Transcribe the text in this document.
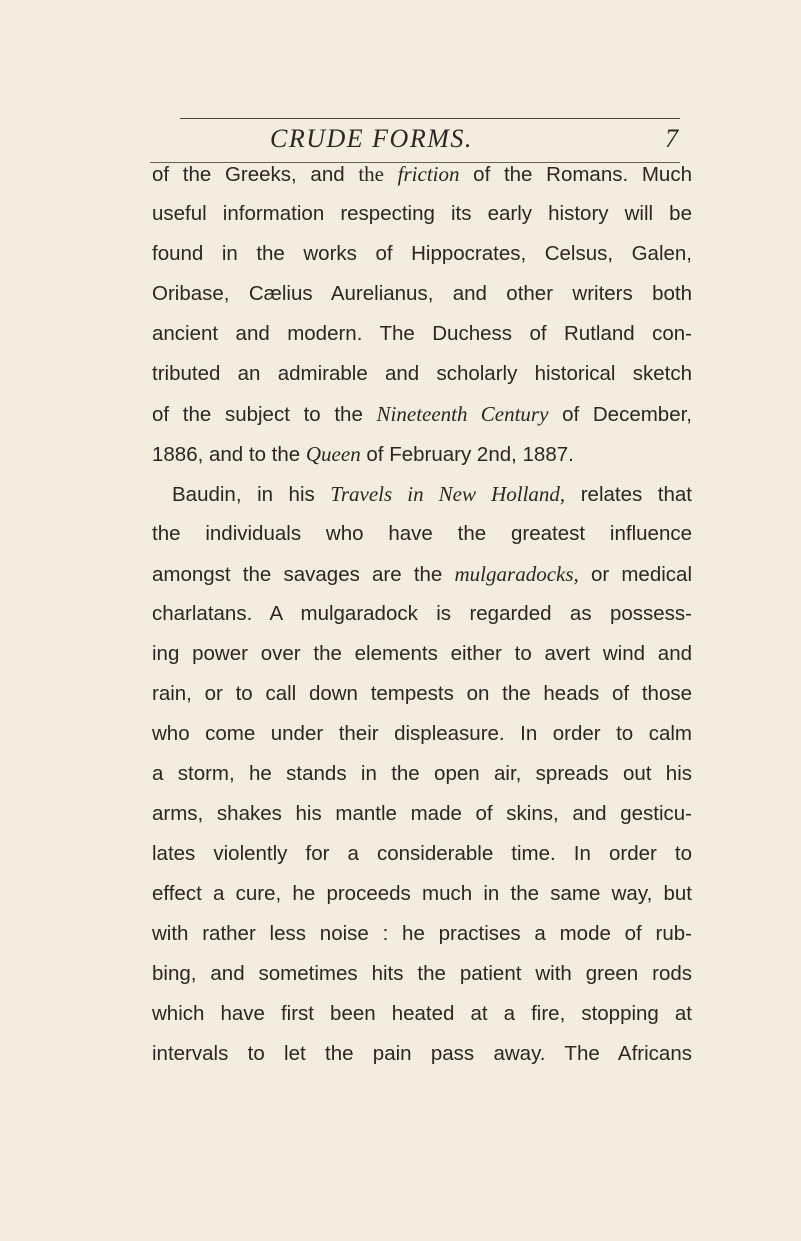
CRUDE FORMS.	7
of the Greeks, and the friction of the Romans. Much
useful information respecting its early history will be
found in the works of Hippocrates, Celsus, Galen,
Oribase, Cælius Aurelianus, and other writers both
ancient and modern. The Duchess of Rutland con-
tributed an admirable and scholarly historical sketch
of the subject to the Nineteenth Century of December,
1886, and to the Queen of February 2nd, 1887.
Baudin, in his Travels in New Holland, relates that
the individuals who have the greatest influence
amongst the savages are the mulgaradocks, or medical
charlatans. A mulgaradock is regarded as possess-
ing power over the elements either to avert wind and
rain, or to call down tempests on the heads of those
who come under their displeasure. In order to calm
a storm, he stands in the open air, spreads out his
arms, shakes his mantle made of skins, and gesticu-
lates violently for a considerable time. In order to
effect a cure, he proceeds much in the same way, but
with rather less noise : he practises a mode of rub-
bing, and sometimes hits the patient with green rods
which have first been heated at a fire, stopping at
intervals to let the pain pass away. The Africans
